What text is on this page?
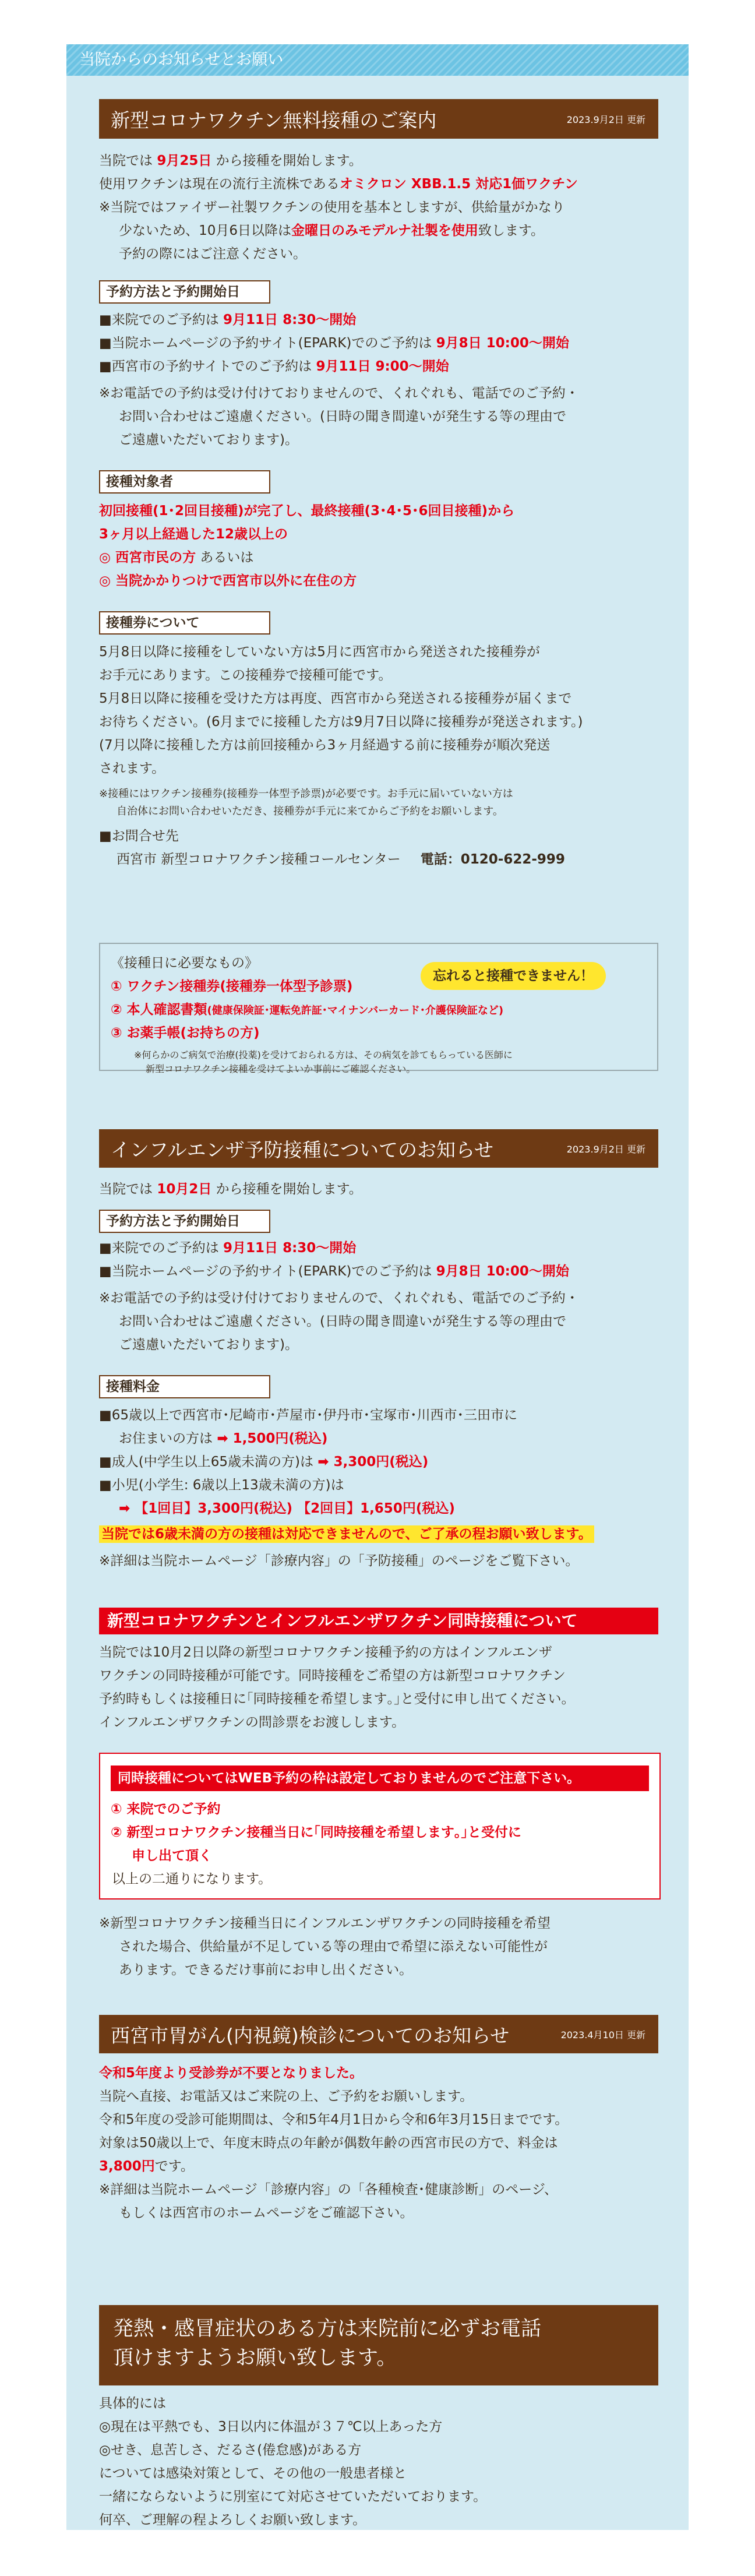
当院からのお知らせとお願い
新型コロナワクチン無料接種のご案内	2023.9月2日 更新
当院では 9月25日 から接種を開始します。
使用ワクチンは現在の流行主流株であるオミクロン XBB.1.5 対応1価ワクチン
※当院ではファイザー社製ワクチンの使用を基本としますが、供給量がかなり
少ないため、10月6日以降は金曜日のみモデルナ社製を使用致します。
予約の際にはご注意ください。
予約方法と予約開始日
■来院でのご予約は 9月11日 8:30～開始
■当院ホームページの予約サイト(EPARK)でのご予約は 9月8日 10:00～開始
■西宮市の予約サイトでのご予約は 9月11日 9:00～開始
※お電話での予約は受け付けておりませんので、くれぐれも、電話でのご予約・
お問い合わせはご遠慮ください。(日時の聞き間違いが発生する等の理由で
ご遠慮いただいております)。
接種対象者
初回接種(1･2回目接種)が完了し、最終接種(3･4･5･6回目接種)から
3ヶ月以上経過した12歳以上の
◎ 西宮市民の方 あるいは
◎ 当院かかりつけで西宮市以外に在住の方
接種券について
5月8日以降に接種をしていない方は5月に西宮市から発送された接種券が
お手元にあります。この接種券で接種可能です。
5月8日以降に接種を受けた方は再度、西宮市から発送される接種券が届くまで
お待ちください。(6月までに接種した方は9月7日以降に接種券が発送されます。)
(7月以降に接種した方は前回接種から3ヶ月経過する前に接種券が順次発送
されます。
※接種にはワクチン接種券(接種券一体型予診票)が必要です。お手元に届いていない方は
自治体にお問い合わせいただき、接種券が手元に来てからご予約をお願いします。
■お問合せ先
西宮市 新型コロナワクチン接種コールセンター 電話：0120-622-999
忘れると接種できません！
《接種日に必要なもの》
① ワクチン接種券(接種券一体型予診票)
② 本人確認書類(健康保険証･運転免許証･マイナンバーカード･介護保険証など)
③ お薬手帳(お持ちの方)
※何らかのご病気で治療(投薬)を受けておられる方は、その病気を診てもらっている医師に
新型コロナワクチン接種を受けてよいか事前にご確認ください。
インフルエンザ予防接種についてのお知らせ	2023.9月2日 更新
当院では 10月2日 から接種を開始します。
予約方法と予約開始日
■来院でのご予約は 9月11日 8:30～開始
■当院ホームページの予約サイト(EPARK)でのご予約は 9月8日 10:00～開始
※お電話での予約は受け付けておりませんので、くれぐれも、電話でのご予約・
お問い合わせはご遠慮ください。(日時の聞き間違いが発生する等の理由で
ご遠慮いただいております)。
接種料金
■65歳以上で西宮市･尼崎市･芦屋市･伊丹市･宝塚市･川西市･三田市に
お住まいの方は ➡ 1,500円(税込)
■成人(中学生以上65歳未満の方)は ➡ 3,300円(税込)
■小児(小学生: 6歳以上13歳未満の方)は
➡ 【1回目】3,300円(税込) 【2回目】1,650円(税込)
当院では6歳未満の方の接種は対応できませんので、ご了承の程お願い致します。
※詳細は当院ホームページ「診療内容」の「予防接種」のページをご覧下さい。
新型コロナワクチンとインフルエンザワクチン同時接種について
当院では10月2日以降の新型コロナワクチン接種予約の方はインフルエンザ
ワクチンの同時接種が可能です。同時接種をご希望の方は新型コロナワクチン
予約時もしくは接種日に｢同時接種を希望します｡｣と受付に申し出てください。
インフルエンザワクチンの問診票をお渡しします。
同時接種についてはWEB予約の枠は設定しておりませんのでご注意下さい。
① 来院でのご予約
② 新型コロナワクチン接種当日に｢同時接種を希望します｡｣と受付に
申し出て頂く
以上の二通りになります。
※新型コロナワクチン接種当日にインフルエンザワクチンの同時接種を希望
された場合、供給量が不足している等の理由で希望に添えない可能性が
あります。できるだけ事前にお申し出ください。
西宮市胃がん(内視鏡)検診についてのお知らせ	2023.4月10日 更新
令和5年度より受診券が不要となりました。
当院へ直接、お電話又はご来院の上、ご予約をお願いします。
令和5年度の受診可能期間は、令和5年4月1日から令和6年3月15日までです。
対象は50歳以上で、年度末時点の年齢が偶数年齢の西宮市民の方で、料金は
3,800円です。
※詳細は当院ホームページ「診療内容」の「各種検査･健康診断」のページ、
もしくは西宮市のホームページをご確認下さい。
発熱・感冒症状のある方は来院前に必ずお電話
頂けますようお願い致します。
具体的には
◎現在は平熱でも、3日以内に体温が３７℃以上あった方
◎せき、息苦しさ、だるさ(倦怠感)がある方
については感染対策として、その他の一般患者様と
一緒にならないように別室にて対応させていただいております。
何卒、ご理解の程よろしくお願い致します。
